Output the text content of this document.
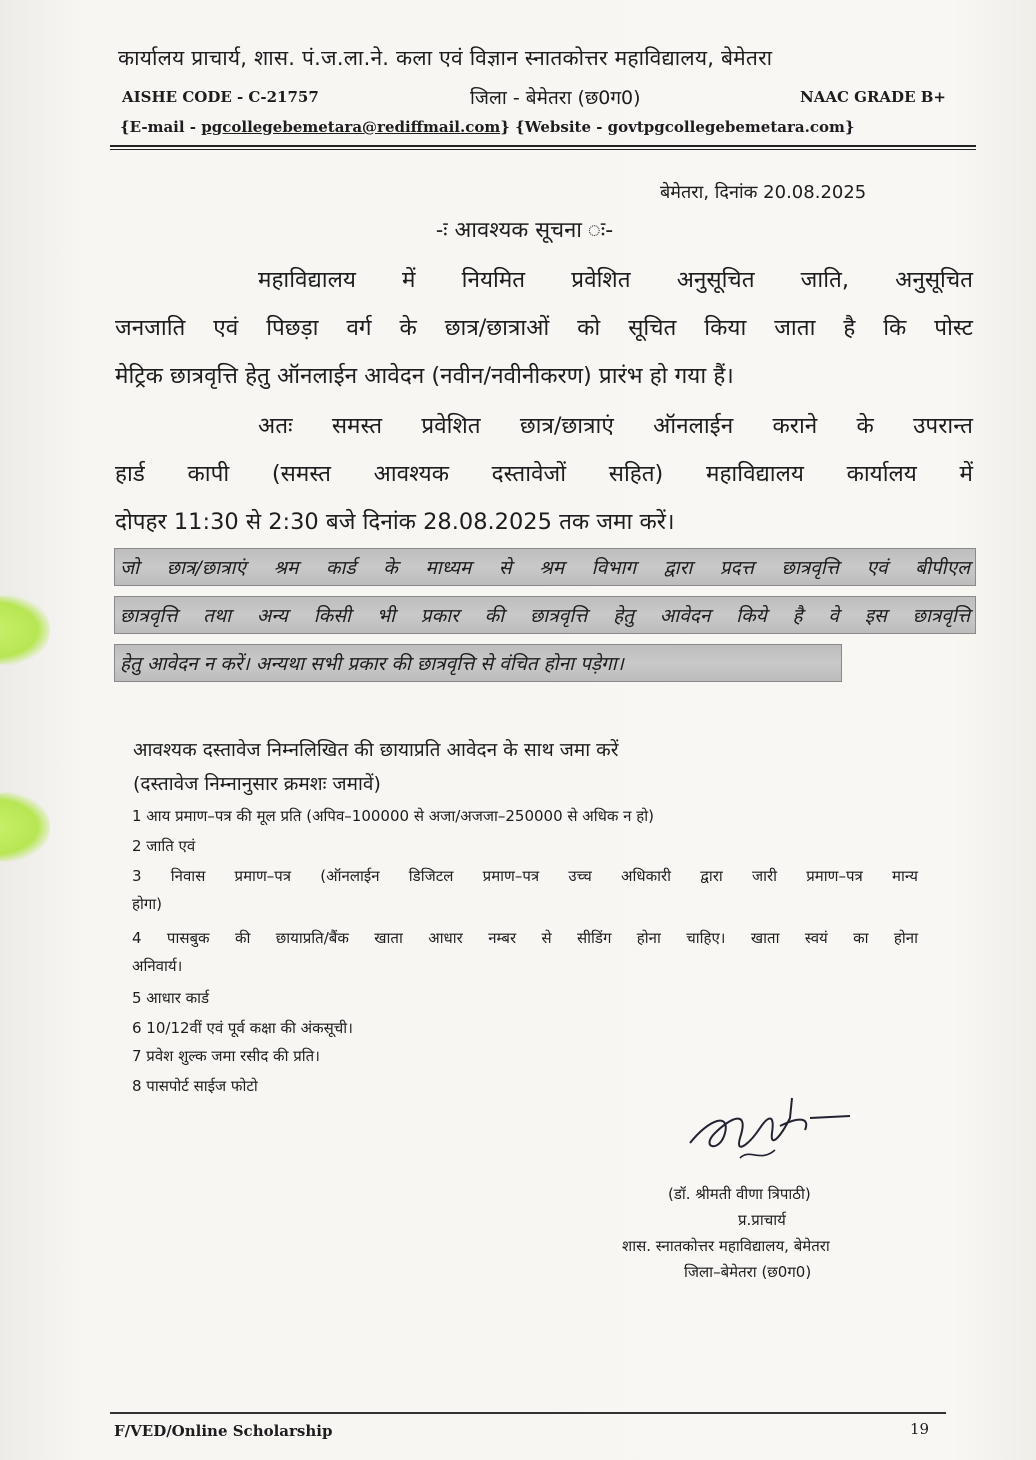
कार्यालय प्राचार्य, शास. पं.ज.ला.ने. कला एवं विज्ञान स्नातकोत्तर महाविद्यालय, बेमेतरा
AISHE CODE - C-21757	जिला - बेमेतरा (छ0ग0)	NAAC GRADE B+
{E-mail - pgcollegebemetara@rediffmail.com} {Website - govtpgcollegebemetara.com}
बेमेतरा, दिनांक 20.08.2025
-ः आवश्यक सूचना ः-
महाविद्यालय में नियमित प्रवेशित अनुसूचित जाति, अनुसूचित
जनजाति एवं पिछड़ा वर्ग के छात्र/छात्राओं को सूचित किया जाता है कि पोस्ट
मेट्रिक छात्रवृत्ति हेतु ऑनलाईन आवेदन (नवीन/नवीनीकरण) प्रारंभ हो गया हैं।
अतः समस्त प्रवेशित छात्र/छात्राएं ऑनलाईन कराने के उपरान्त
हार्ड कापी (समस्त आवश्यक दस्तावेजों सहित) महाविद्यालय कार्यालय में
दोपहर 11:30 से 2:30 बजे दिनांक 28.08.2025 तक जमा करें।
जो छात्र/छात्राएं श्रम कार्ड के माध्यम से श्रम विभाग द्वारा प्रदत्त छात्रवृत्ति एवं बीपीएल
छात्रवृत्ति तथा अन्य किसी भी प्रकार की छात्रवृत्ति हेतु आवेदन किये है वे इस छात्रवृत्ति
हेतु आवेदन न करें। अन्यथा सभी प्रकार की छात्रवृत्ति से वंचित होना पड़ेगा।
आवश्यक दस्तावेज निम्नलिखित की छायाप्रति आवेदन के साथ जमा करें
(दस्तावेज निम्नानुसार क्रमशः जमावें)
1 आय प्रमाण–पत्र की मूल प्रति (अपिव–100000 से अजा/अजजा–250000 से अधिक न हो)
2 जाति एवं
3 निवास प्रमाण–पत्र (ऑनलाईन डिजिटल प्रमाण–पत्र उच्च अधिकारी द्वारा जारी प्रमाण–पत्र मान्य
होगा)
4 पासबुक की छायाप्रति/बैंक खाता आधार नम्बर से सीडिंग होना चाहिए। खाता स्वयं का होना
अनिवार्य।
5 आधार कार्ड
6 10/12वीं एवं पूर्व कक्षा की अंकसूची।
7 प्रवेश शुल्क जमा रसीद की प्रति।
8 पासपोर्ट साईज फोटो
(डॉ. श्रीमती वीणा त्रिपाठी)
प्र.प्राचार्य
शास. स्नातकोत्तर महाविद्यालय, बेमेतरा
जिला–बेमेतरा (छ0ग0)
F/VED/Online Scholarship	19
